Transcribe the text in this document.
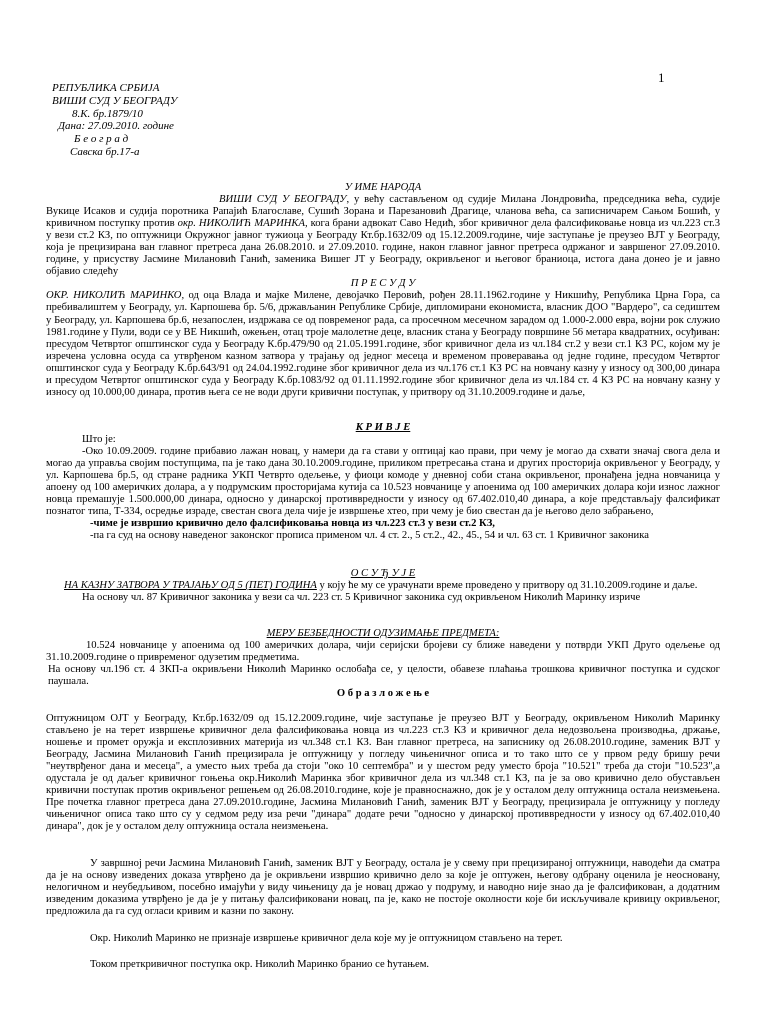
1
РЕПУБЛИКА СРБИЈА
ВИШИ СУД У БЕОГРАДУ
8.К. бр.1879/10
Дана: 27.09.2010. године
Б е о г р а д
Савска бр.17-а

У ИМЕ НАРОДА

ВИШИ СУД У БЕОГРАДУ, у већу састављеном од судије Милана Лондровића, председника већа, судије Вукице Исаков и судија поротника Рапајић Благославе, Сушић Зорана и Парезановић Драгице, чланова већа, са записничарем Сањом Бошић, у кривичном поступку против окр. НИКОЛИЋ МАРИНКА, кога брани адвокат Саво Недић, због кривичног дела фалсификовање новца из чл.223 ст.3 у вези ст.2 КЗ, по оптужници Окружног јавног тужиоца у Београду Кт.бр.1632/09 од 15.12.2009.године, чије заступање је преузео ВЈТ у Београду, која је прецизирана ван главног претреса дана 26.08.2010. и 27.09.2010. године, након главног јавног претреса одржаног и завршеног 27.09.2010. године, у присуству Јасмине Милановић Ганић, заменика Вишег ЈТ у Београду, окривљеног и његовог браниоца, истога дана донео је и јавно објавио следећу

П Р Е С У Д У

ОКР. НИКОЛИЋ МАРИНКО, од оца Влада и мајке Милене, девојачко Перовић, рођен 28.11.1962.године у Никшићу, Република Црна Гора, са пребивалиштем у Београду, ул. Карпошева бр. 5/6, држављанин Републике Србије, дипломирани економиста, власник ДОО "Вардеро", са седиштем у Београду, ул. Карпошева бр.6, незапослен, издржава се од повременог рада, са просечном месечном зарадом од 1.000-2.000 евра, војни рок служио 1981.године у Пули, води се у ВЕ Никшић, ожењен, отац троје малолетне деце, власник стана у Београду површине 56 метара квадратних, осуђиван: пресудом Четвртог општинског суда у Београду К.бр.479/90 од 21.05.1991.године, због кривичног дела из чл.184 ст.2 у вези ст.1 КЗ РС, којом му је изречена условна осуда са утврђеном казном затвора у трајању од једног месеца и временом проверавања од једне године, пресудом Четвртог општинског суда у Београду К.бр.643/91 од 24.04.1992.године због кривичног дела из чл.176 ст.1 КЗ РС на новчану казну у износу од 300,00 динара и пресудом Четвртог општинског суда у Београду К.бр.1083/92 од 01.11.1992.године због кривичног дела из чл.184 ст. 4 КЗ РС на новчану казну у износу од 10.000,00 динара, против њега се не води други кривични поступак, у притвору од 31.10.2009.године и даље,

К Р И В Ј Е

Што је:

-Око 10.09.2009. године прибавио лажан новац, у намери да га стави у оптицај као прави, при чему је могао да схвати значај свога дела и могао да управља својим поступцима, па је тако дана 30.10.2009.године, приликом претресања стана и других просторија окривљеног у Београду, у ул. Карпошева бр.5, од стране радника УКП Четврто одељење, у фиоци комоде у дневној соби стана окривљеног, пронађена једна новчаница у апоену од 100 америчких долара, а у подрумским просторијама кутија са 10.523 новчанице у апоенима од 100 америчких долара који износ лажног новца премашује 1.500.000,00 динара, односно у динарској противвредности у износу од 67.402.010,40 динара, а које представљају фалсификат познатог типа, Т-334, осредње израде, свестан свога дела чије је извршење хтео, при чему је био свестан да је његово дело забрањено,

-чиме је извршио кривично дело фалсификовања новца из чл.223 ст.3 у вези ст.2 КЗ,

-па га суд на основу наведеног законског прописа применом чл. 4 ст. 2., 5 ст.2., 42., 45., 54 и чл. 63 ст. 1 Кривичног законика

О С У Ђ У Ј Е

НА КАЗНУ ЗАТВОРА У ТРАЈАЊУ ОД 5 (ПЕТ) ГОДИНА у коју ће му се урачунати време проведено у притвору од 31.10.2009.године и даље.

На основу чл. 87 Кривичног законика у вези са чл. 223 ст. 5 Кривичног законика суд окривљеном Николић Маринку изриче

МЕРУ БЕЗБЕДНОСТИ ОДУЗИМАЊЕ ПРЕДМЕТА:

10.524 новчанице у апоенима од 100 америчких долара, чији серијски бројеви су ближе наведени у потврди УКП Друго одељење од 31.10.2009.године о привременог одузетим предметима.

На основу чл.196 ст. 4 ЗКП-а окривљени Николић Маринко ослобађа се, у целости, обавезе плаћања трошкова кривичног поступка и судског паушала.

О б р а з л о ж е њ е

Оптужницом ОЈТ у Београду, Кт.бр.1632/09 од 15.12.2009.године, чије заступање је преузео ВЈТ у Београду, окривљеном Николић Маринку стављено је на терет извршење кривичног дела фалсификовања новца из чл.223 ст.3 КЗ и кривичног дела недозвољена производња, држање, ношење и промет оружја и експлозивних материја из чл.348 ст.1 КЗ. Ван главног претреса, на записнику од 26.08.2010.године, заменик ВЈТ у Београду, Јасмина Милановић Ганић прецизирала је оптужницу у погледу чињеничног описа и то тако што се у првом реду бришу речи "неутврђеног дана и месеца", а уместо њих треба да стоји "око 10 септембра" и у шестом реду уместо броја "10.521" треба да стоји "10.523",а одустала је од даљег кривичног гоњења окр.Николић Маринка због кривичног дела из чл.348 ст.1 КЗ, па је за ово кривично дело обустављен кривични поступак против окривљеног решењем од 26.08.2010.године, које је правноснажно, док је у осталом делу оптужница остала неизмењена. Пре почетка главног претреса дана 27.09.2010.године, Јасмина Милановић Ганић, заменик ВЈТ у Београду, прецизирала је оптужницу у погледу чињеничног описа тако што су у седмом реду иза речи "динара" додате речи "односно у динарској противвредности у износу од 67.402.010,40 динара", док је у осталом делу оптужница остала неизмењена.

У завршној речи Јасмина Милановић Ганић, заменик ВЈТ у Београду, остала је у свему при прецизираној оптужници, наводећи да сматра да је на основу изведених доказа утврђено да је окривљени извршио кривично дело за које је оптужен, његову одбрану оценила је неосновану, нелогичном и неубедљивом, посебно имајући у виду чињеницу да је новац држао у подруму, и наводно није знао да је фалсификован, а додатним изведеним доказима утврђено је да је у питању фалсификовани новац, па је, како не постоје околности које би искључивале кривицу окривљеног, предложила да га суд огласи кривим и казни по закону.

Окр. Николић Маринко не признаје извршење кривичног дела које му је оптужницом стављено на терет.

Током преткривичног поступка окр. Николић Маринко бранио се ћутањем.
